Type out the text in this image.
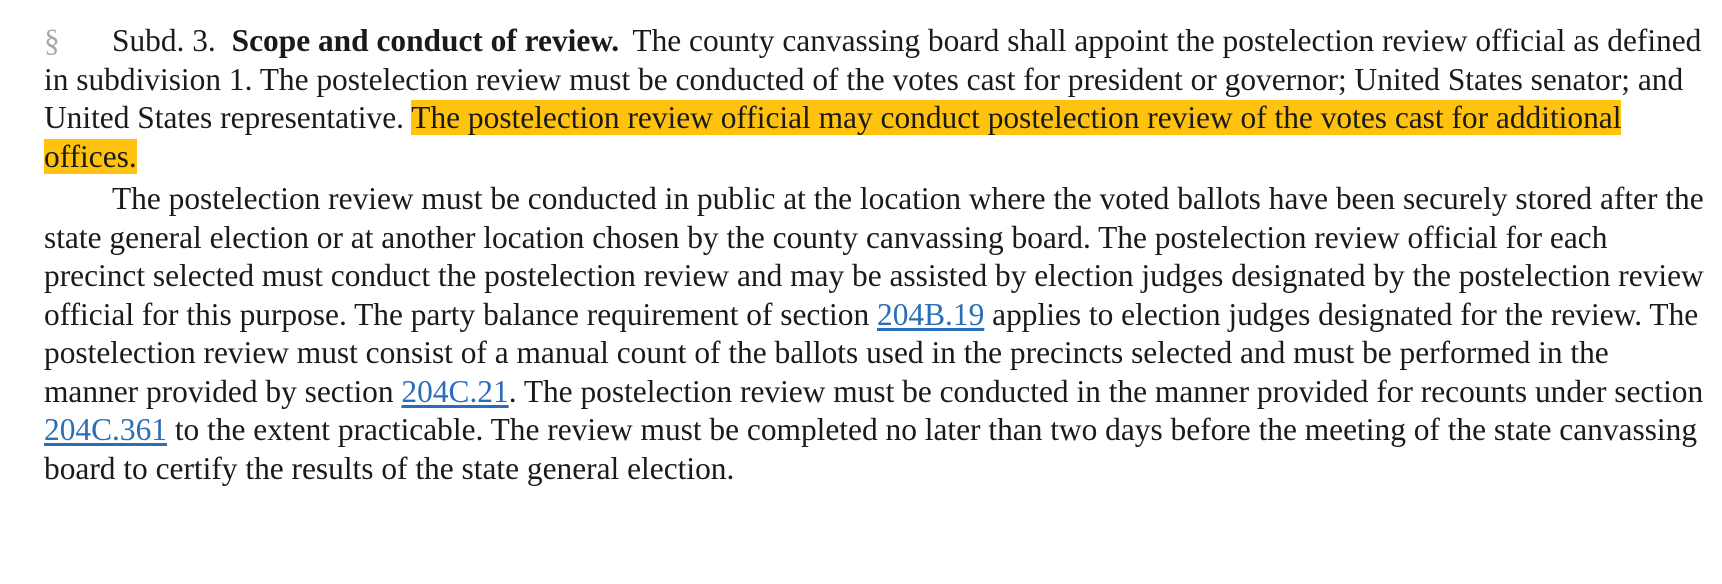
§ Subd. 3. Scope and conduct of review. The county canvassing board shall appoint the postelection review official as defined in subdivision 1. The postelection review must be conducted of the votes cast for president or governor; United States senator; and United States representative. The postelection review official may conduct postelection review of the votes cast for additional offices.

The postelection review must be conducted in public at the location where the voted ballots have been securely stored after the state general election or at another location chosen by the county canvassing board. The postelection review official for each precinct selected must conduct the postelection review and may be assisted by election judges designated by the postelection review official for this purpose. The party balance requirement of section 204B.19 applies to election judges designated for the review. The postelection review must consist of a manual count of the ballots used in the precincts selected and must be performed in the manner provided by section 204C.21. The postelection review must be conducted in the manner provided for recounts under section 204C.361 to the extent practicable. The review must be completed no later than two days before the meeting of the state canvassing board to certify the results of the state general election.
